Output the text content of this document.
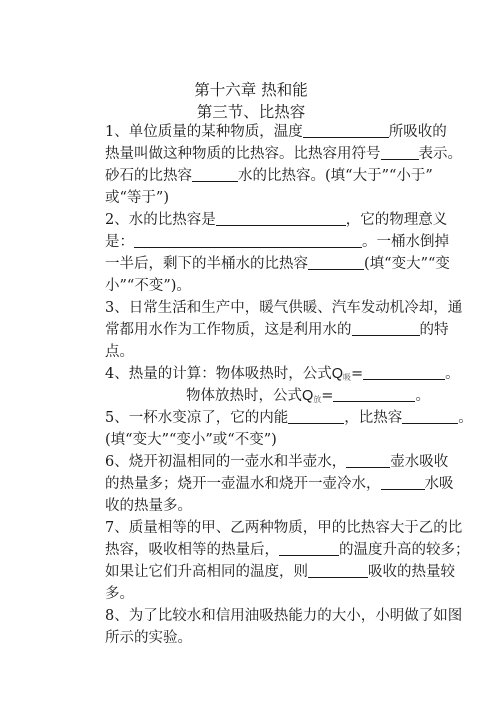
第十六章 热和能
第三节、比热容
1、单位质量的某种物质，温度	所吸收的
热量叫做这种物质的比热容。比热容用符号	表示。
砂石的比热容	水的比热容。(填“大于”“小于”
或“等于”)
2、水的比热容是	，它的物理意义
是：	。一桶水倒掉
一半后，剩下的半桶水的比热容	(填“变大”“变
小”“不变”)。
3、日常生活和生产中，暖气供暖、汽车发动机冷却，通
常都用水作为工作物质，这是利用水的	的特
点。
4、热量的计算：物体吸热时，公式$Q_吸=$	。
物体放热时，公式$Q_放=$	。
5、一杯水变凉了，它的内能	，比热容	。
(填“变大”“变小”或“不变”)
6、烧开初温相同的一壶水和半壶水，	壶水吸收
的热量多；烧开一壶温水和烧开一壶冷水，	水吸
收的热量多。
7、质量相等的甲、乙两种物质，甲的比热容大于乙的比
热容，吸收相等的热量后，	的温度升高的较多；
如果让它们升高相同的温度，则	吸收的热量较
多。
8、为了比较水和信用油吸热能力的大小，小明做了如图
所示的实验。
